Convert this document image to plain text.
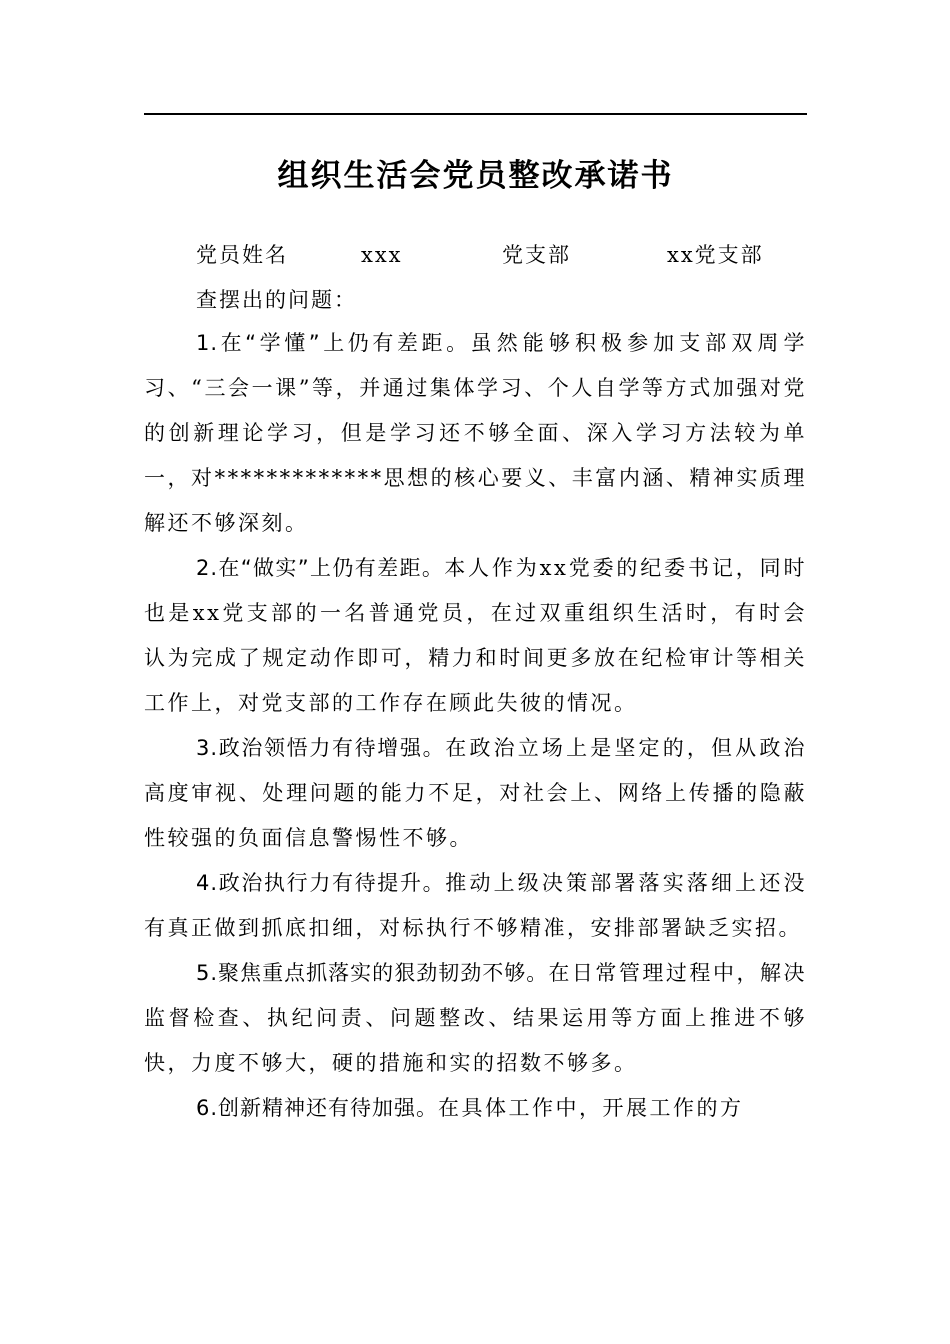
组织生活会党员整改承诺书
党员姓名	xxx	党支部	xx党支部
查摆出的问题：

1.在“学懂”上仍有差距。虽然能够积极参加支部双周学习、“三会一课”等，并通过集体学习、个人自学等方式加强对党的创新理论学习，但是学习还不够全面、深入学习方法较为单一，对*************思想的核心要义、丰富内涵、精神实质理解还不够深刻。

2.在“做实”上仍有差距。本人作为xx党委的纪委书记，同时也是xx党支部的一名普通党员，在过双重组织生活时，有时会认为完成了规定动作即可，精力和时间更多放在纪检审计等相关工作上，对党支部的工作存在顾此失彼的情况。

3.政治领悟力有待增强。在政治立场上是坚定的，但从政治高度审视、处理问题的能力不足，对社会上、网络上传播的隐蔽性较强的负面信息警惕性不够。

4.政治执行力有待提升。推动上级决策部署落实落细上还没有真正做到抓底扣细，对标执行不够精准，安排部署缺乏实招。

5.聚焦重点抓落实的狠劲韧劲不够。在日常管理过程中，解决监督检查、执纪问责、问题整改、结果运用等方面上推进不够快，力度不够大，硬的措施和实的招数不够多。

6.创新精神还有待加强。在具体工作中，开展工作的方
